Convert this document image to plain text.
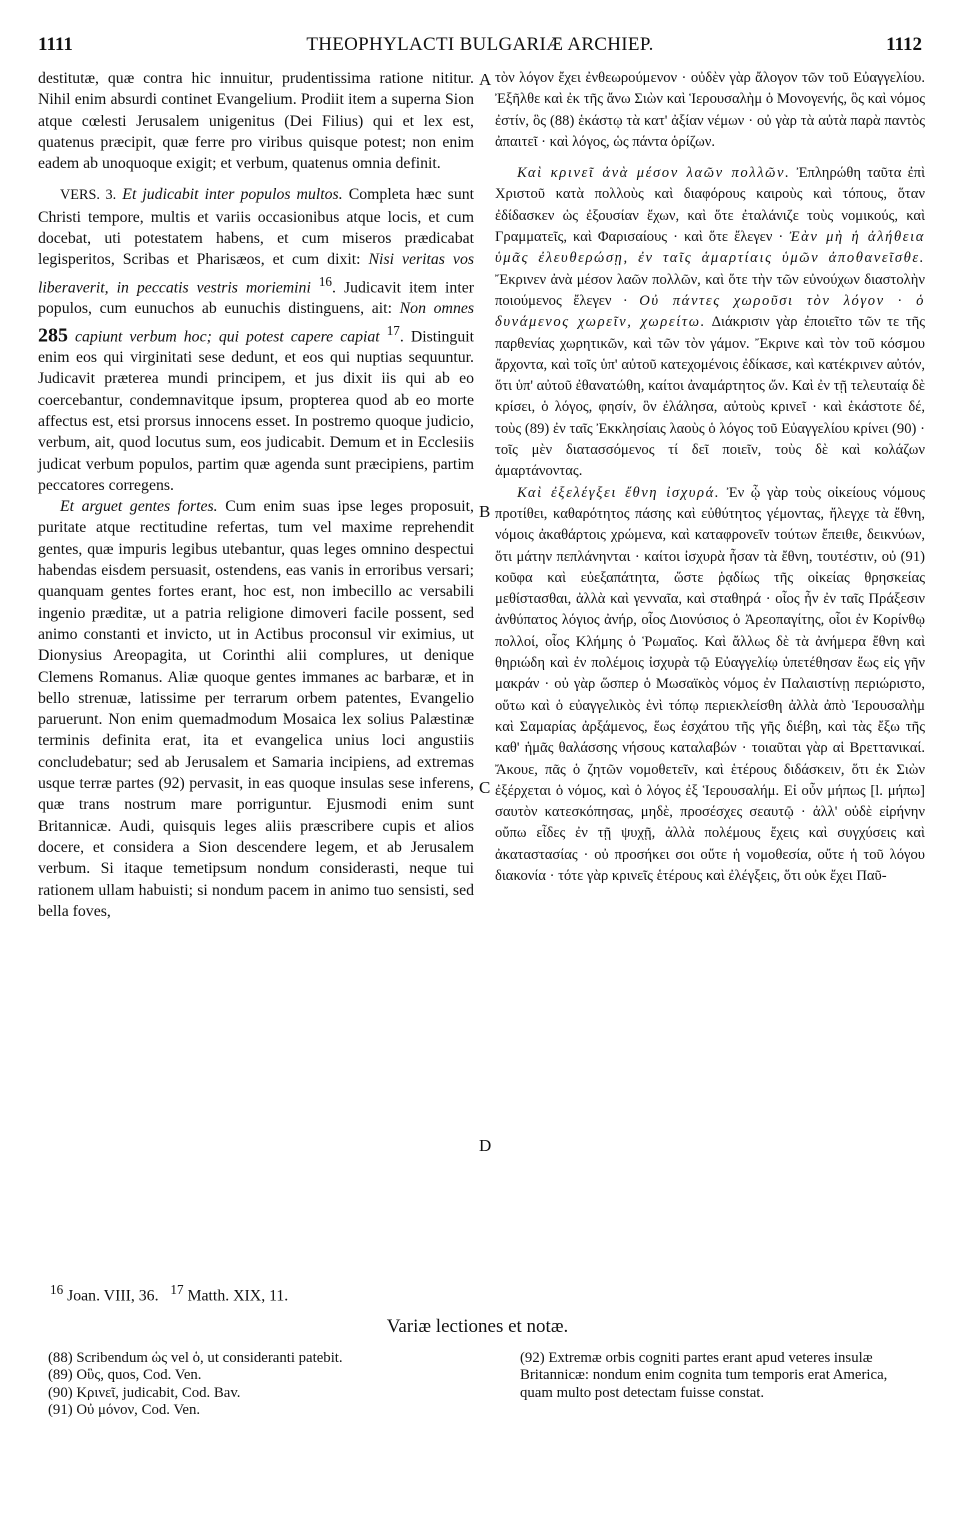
1111	THEOPHYLACTI BULGARIÆ ARCHIEP.	1112
A
B
C
D

destitutæ, quæ contra hic innuitur, prudentissima ratione nititur. Nihil enim absurdi continet Evangelium. Prodiit item a superna Sion atque cœlesti Jerusalem unigenitus (Dei Filius) qui et lex est, quatenus præcipit, quæ ferre pro viribus quisque potest; non enim eadem ab unoquoque exigit; et verbum, quatenus omnia definit.

VERS. 3. Et judicabit inter populos multos. Completa hæc sunt Christi tempore, multis et variis occasionibus atque locis, et cum docebat, uti potestatem habens, et cum miseros prædicabat legisperitos, Scribas et Pharisæos, et cum dixit: Nisi veritas vos liberaverit, in peccatis vestris moriemini $^{16}$. Judicavit item inter populos, cum eunuchos ab eunuchis distinguens, ait: Non omnes 285 capiunt verbum hoc; qui potest capere capiat $^{17}$. Distinguit enim eos qui virginitati sese dedunt, et eos qui nuptias sequuntur. Judicavit præterea mundi principem, et jus dixit iis qui ab eo coercebantur, condemnavitque ipsum, propterea quod ab eo morte affectus est, etsi prorsus innocens esset. In postremo quoque judicio, verbum, ait, quod locutus sum, eos judicabit. Demum et in Ecclesiis judicat verbum populos, partim quæ agenda sunt præcipiens, partim peccatores corregens.

Et arguet gentes fortes. Cum enim suas ipse leges proposuit, puritate atque rectitudine refertas, tum vel maxime reprehendit gentes, quæ impuris legibus utebantur, quas leges omnino despectui habendas eisdem persuasit, ostendens, eas vanis in erroribus versari; quanquam gentes fortes erant, hoc est, non imbecillo ac versabili ingenio præditæ, ut a patria religione dimoveri facile possent, sed animo constanti et invicto, ut in Actibus proconsul vir eximius, ut Dionysius Areopagita, ut Corinthi alii complures, ut denique Clemens Romanus. Aliæ quoque gentes immanes ac barbaræ, et in bello strenuæ, latissime per terrarum orbem patentes, Evangelio paruerunt. Non enim quemadmodum Mosaica lex solius Palæstinæ terminis definita erat, ita et evangelica unius loci angustiis concludebatur; sed ab Jerusalem et Samaria incipiens, ad extremas usque terræ partes (92) pervasit, in eas quoque insulas sese inferens, quæ trans nostrum mare porriguntur. Ejusmodi enim sunt Britannicæ. Audi, quisquis leges aliis præscribere cupis et alios docere, et considera a Sion descendere legem, et ab Jerusalem verbum. Si itaque temetipsum nondum considerasti, neque tui rationem ullam habuisti; si nondum pacem in animo tuo sensisti, sed bella foves,

τὸν λόγον ἔχει ἐνθεωρούμενον · οὐδὲν γὰρ ἄλογον τῶν τοῦ Εὐαγγελίου. Ἐξῆλθε καὶ ἐκ τῆς ἄνω Σιὼν καὶ Ἱερουσαλὴμ ὁ Μονογενής, ὃς καὶ νόμος ἐστίν, ὃς (88) ἑκάστῳ τὰ κατ' ἀξίαν νέμων · οὐ γὰρ τὰ αὐτὰ παρὰ παντὸς ἀπαιτεῖ · καὶ λόγος, ὡς πάντα ὁρίζων.

Καὶ κρινεῖ ἀνὰ μέσον λαῶν πολλῶν. Ἐπληρώθη ταῦτα ἐπὶ Χριστοῦ κατὰ πολλοὺς καὶ διαφόρους καιροὺς καὶ τόπους, ὅταν ἐδίδασκεν ὡς ἐξουσίαν ἔχων, καὶ ὅτε ἐταλάνιζε τοὺς νομικούς, καὶ Γραμματεῖς, καὶ Φαρισαίους · καὶ ὅτε ἔλεγεν · Ἐὰν μὴ ἡ ἀλήθεια ὑμᾶς ἐλευθερώσῃ, ἐν ταῖς ἁμαρτίαις ὑμῶν ἀποθανεῖσθε. Ἔκρινεν ἀνὰ μέσον λαῶν πολλῶν, καὶ ὅτε τὴν τῶν εὐνούχων διαστολὴν ποιούμενος ἔλεγεν · Οὐ πάντες χωροῦσι τὸν λόγον · ὁ δυνάμενος χωρεῖν, χωρείτω. Διάκρισιν γὰρ ἐποιεῖτο τῶν τε τῆς παρθενίας χωρητικῶν, καὶ τῶν τὸν γάμον. Ἔκρινε καὶ τὸν τοῦ κόσμου ἄρχοντα, καὶ τοῖς ὑπ' αὐτοῦ κατεχομένοις ἐδίκασε, καὶ κατέκρινεν αὐτόν, ὅτι ὑπ' αὐτοῦ ἐθανατώθη, καίτοι ἀναμάρτητος ὤν. Καὶ ἐν τῇ τελευταίᾳ δὲ κρίσει, ὁ λόγος, φησίν, ὃν ἐλάλησα, αὐτοὺς κρινεῖ · καὶ ἑκάστοτε δέ, τοὺς (89) ἐν ταῖς Ἐκκλησίαις λαοὺς ὁ λόγος τοῦ Εὐαγγελίου κρίνει (90) · τοῖς μὲν διατασσόμενος τί δεῖ ποιεῖν, τοὺς δὲ καὶ κολάζων ἁμαρτάνοντας.

Καὶ ἐξελέγξει ἔθνη ἰσχυρά. Ἐν ᾧ γὰρ τοὺς οἰκείους νόμους προτίθει, καθαρότητος πάσης καὶ εὐθύτητος γέμοντας, ἤλεγχε τὰ ἔθνη, νόμοις ἀκαθάρτοις χρώμενα, καὶ καταφρονεῖν τούτων ἔπειθε, δεικνύων, ὅτι μάτην πεπλάνηνται · καίτοι ἰσχυρὰ ἦσαν τὰ ἔθνη, τουτέστιν, οὐ (91) κοῦφα καὶ εὐεξαπάτητα, ὥστε ῥᾳδίως τῆς οἰκείας θρησκείας μεθίστασθαι, ἀλλὰ καὶ γενναῖα, καὶ σταθηρά · οἷος ἦν ἐν ταῖς Πράξεσιν ἀνθύπατος λόγιος ἀνήρ, οἷος Διονύσιος ὁ Ἀρεοπαγίτης, οἷοι ἐν Κορίνθῳ πολλοί, οἷος Κλήμης ὁ Ῥωμαῖος. Καὶ ἄλλως δὲ τὰ ἀνήμερα ἔθνη καὶ θηριώδη καὶ ἐν πολέμοις ἰσχυρὰ τῷ Εὐαγγελίῳ ὑπετέθησαν ἕως εἰς γῆν μακράν · οὐ γὰρ ὥσπερ ὁ Μωσαϊκὸς νόμος ἐν Παλαιστίνῃ περιώριστο, οὕτω καὶ ὁ εὐαγγελικὸς ἑνὶ τόπῳ περιεκλείσθη ἀλλὰ ἀπὸ Ἱερουσαλὴμ καὶ Σαμαρίας ἀρξάμενος, ἕως ἐσχάτου τῆς γῆς διέβη, καὶ τὰς ἔξω τῆς καθ' ἡμᾶς θαλάσσης νήσους καταλαβών · τοιαῦται γὰρ αἱ Βρεττανικαί. Ἄκουε, πᾶς ὁ ζητῶν νομοθετεῖν, καὶ ἑτέρους διδάσκειν, ὅτι ἐκ Σιὼν ἐξέρχεται ὁ νόμος, καὶ ὁ λόγος ἐξ Ἱερουσαλήμ. Εἰ οὖν μήπως [l. μήπω] σαυτὸν κατεσκόπησας, μηδὲ, προσέσχες σεαυτῷ · ἀλλ' οὐδὲ εἰρήνην οὔπω εἶδες ἐν τῇ ψυχῇ, ἀλλὰ πολέμους ἔχεις καὶ συγχύσεις καὶ ἀκαταστασίας · οὐ προσήκει σοι οὔτε ἡ νομοθεσία, οὔτε ἡ τοῦ λόγου διακονία · τότε γὰρ κρινεῖς ἑτέρους καὶ ἐλέγξεις, ὅτι οὐκ ἔχει Παῦ-

$^{16}$ Joan. VIII, 36. $^{17}$ Matth. XIX, 11.
Variæ lectiones et notæ.

(88) Scribendum ὡς vel ὁ, ut consideranti patebit.

(89) Οὓς, quos, Cod. Ven.

(90) Κρινεῖ, judicabit, Cod. Bav.

(91) Οὐ μόνον, Cod. Ven.

(92) Extremæ orbis cogniti partes erant apud veteres insulæ Britannicæ: nondum enim cognita tum temporis erat America, quam multo post detectam fuisse constat.
